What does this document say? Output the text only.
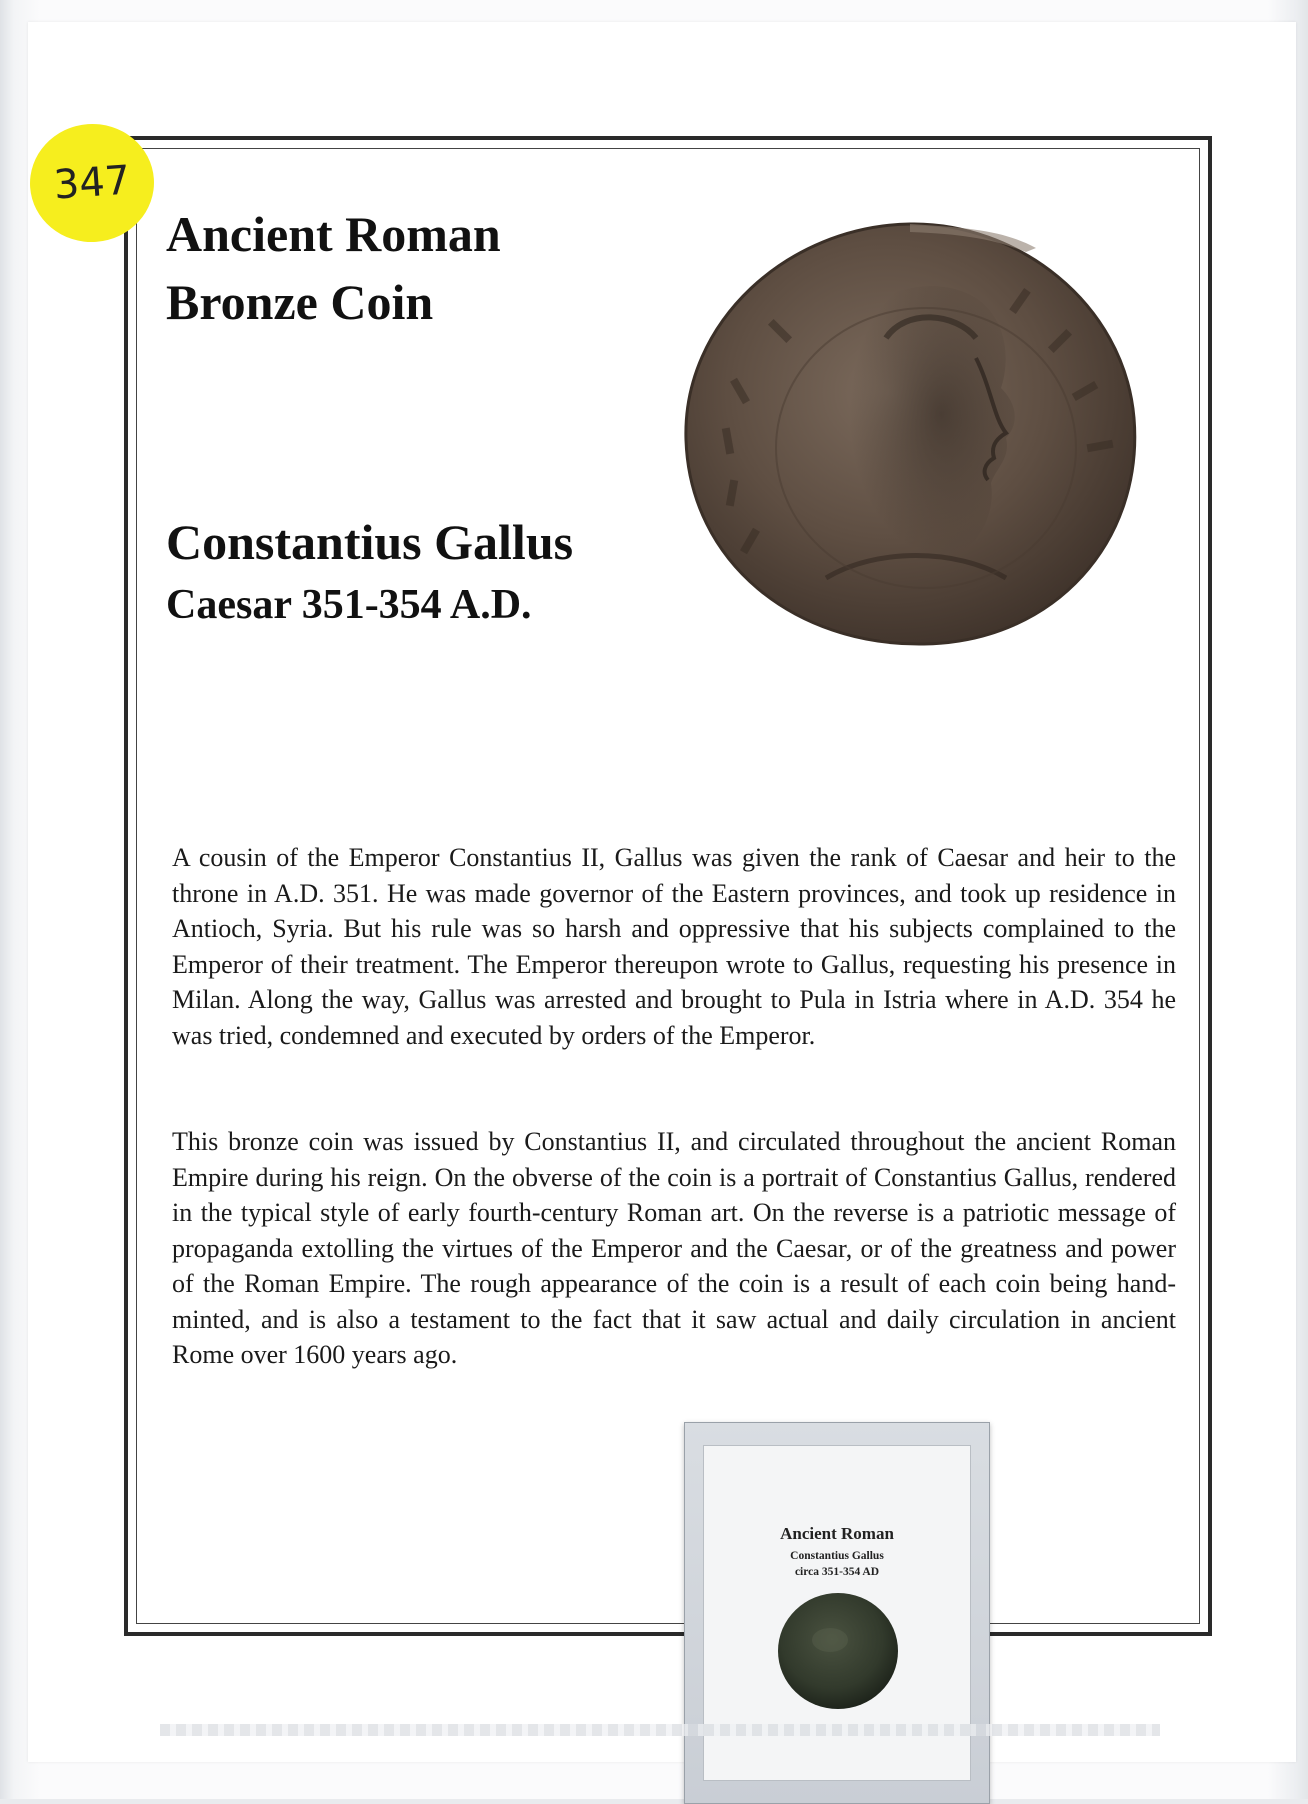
347
Ancient Roman
Bronze Coin
Constantius Gallus
Caesar 351-354 A.D.

A cousin of the Emperor Constantius II, Gallus was given the rank of Caesar and heir to the throne in A.D. 351. He was made governor of the Eastern provinces, and took up residence in Antioch, Syria. But his rule was so harsh and oppressive that his subjects complained to the Emperor of their treatment. The Emperor thereupon wrote to Gallus, requesting his presence in Milan. Along the way, Gallus was arrested and brought to Pula in Istria where in A.D. 354 he was tried, condemned and executed by orders of the Emperor.

This bronze coin was issued by Constantius II, and circulated throughout the ancient Roman Empire during his reign. On the obverse of the coin is a portrait of Constantius Gallus, rendered in the typical style of early fourth-century Roman art. On the reverse is a patriotic message of propaganda extolling the virtues of the Emperor and the Caesar, or of the greatness and power of the Roman Empire. The rough appearance of the coin is a result of each coin being hand-minted, and is also a testament to the fact that it saw actual and daily circulation in ancient Rome over 1600 years ago.

Ancient Roman
Constantius Gallus
circa 351-354 AD
